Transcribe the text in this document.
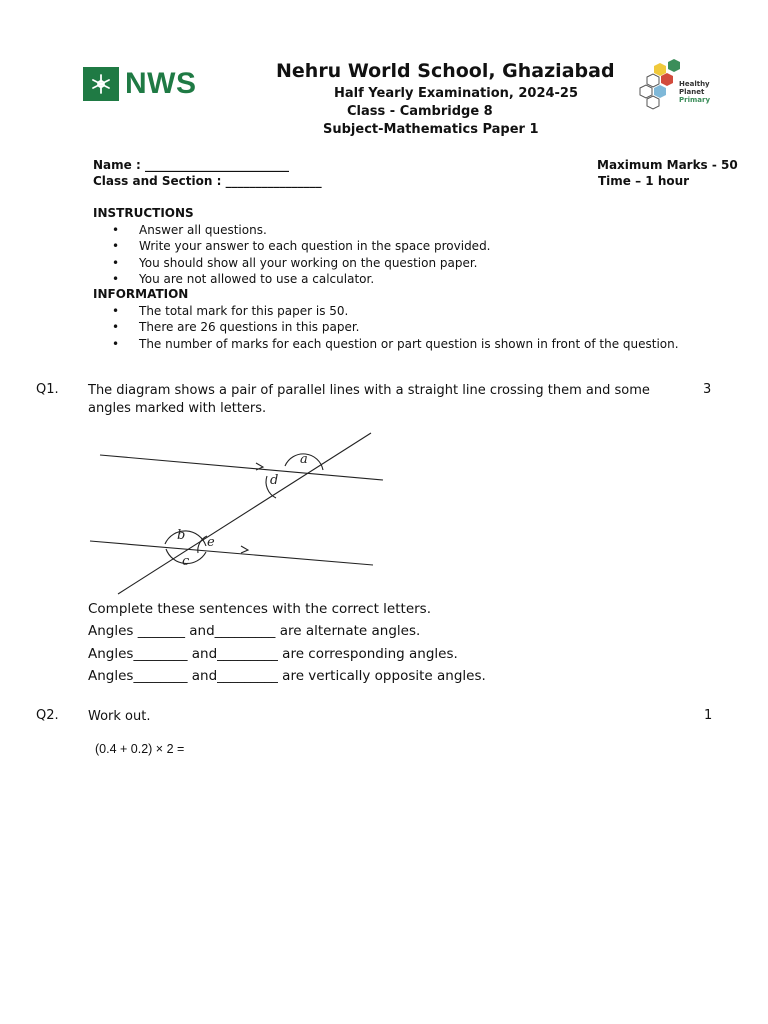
NWS	Nehru World School, Ghaziabad
Half Yearly Examination, 2024-25
Class - Cambridge 8
Subject-Mathematics Paper 1
Healthy
Planet
Primary
Name : ________________________
Class and Section : ________________
Maximum Marks - 50
Time – 1 hour
INSTRUCTIONS
•	Answer all questions.
•	Write your answer to each question in the space provided.
•	You should show all your working on the question paper.
•	You are not allowed to use a calculator.
INFORMATION
•	The total mark for this paper is 50.
•	There are 26 questions in this paper.
•	The number of marks for each question or part question is shown in front of the question.
Q1. The diagram shows a pair of parallel lines with a straight line crossing them and some
angles marked with letters.
3
a
d
b e
c
Complete these sentences with the correct letters.
Angles _______ and_________ are alternate angles.
Angles________ and_________ are corresponding angles.
Angles________ and_________ are vertically opposite angles.
Q2. Work out.	1
(0.4 + 0.2) × 2 =
